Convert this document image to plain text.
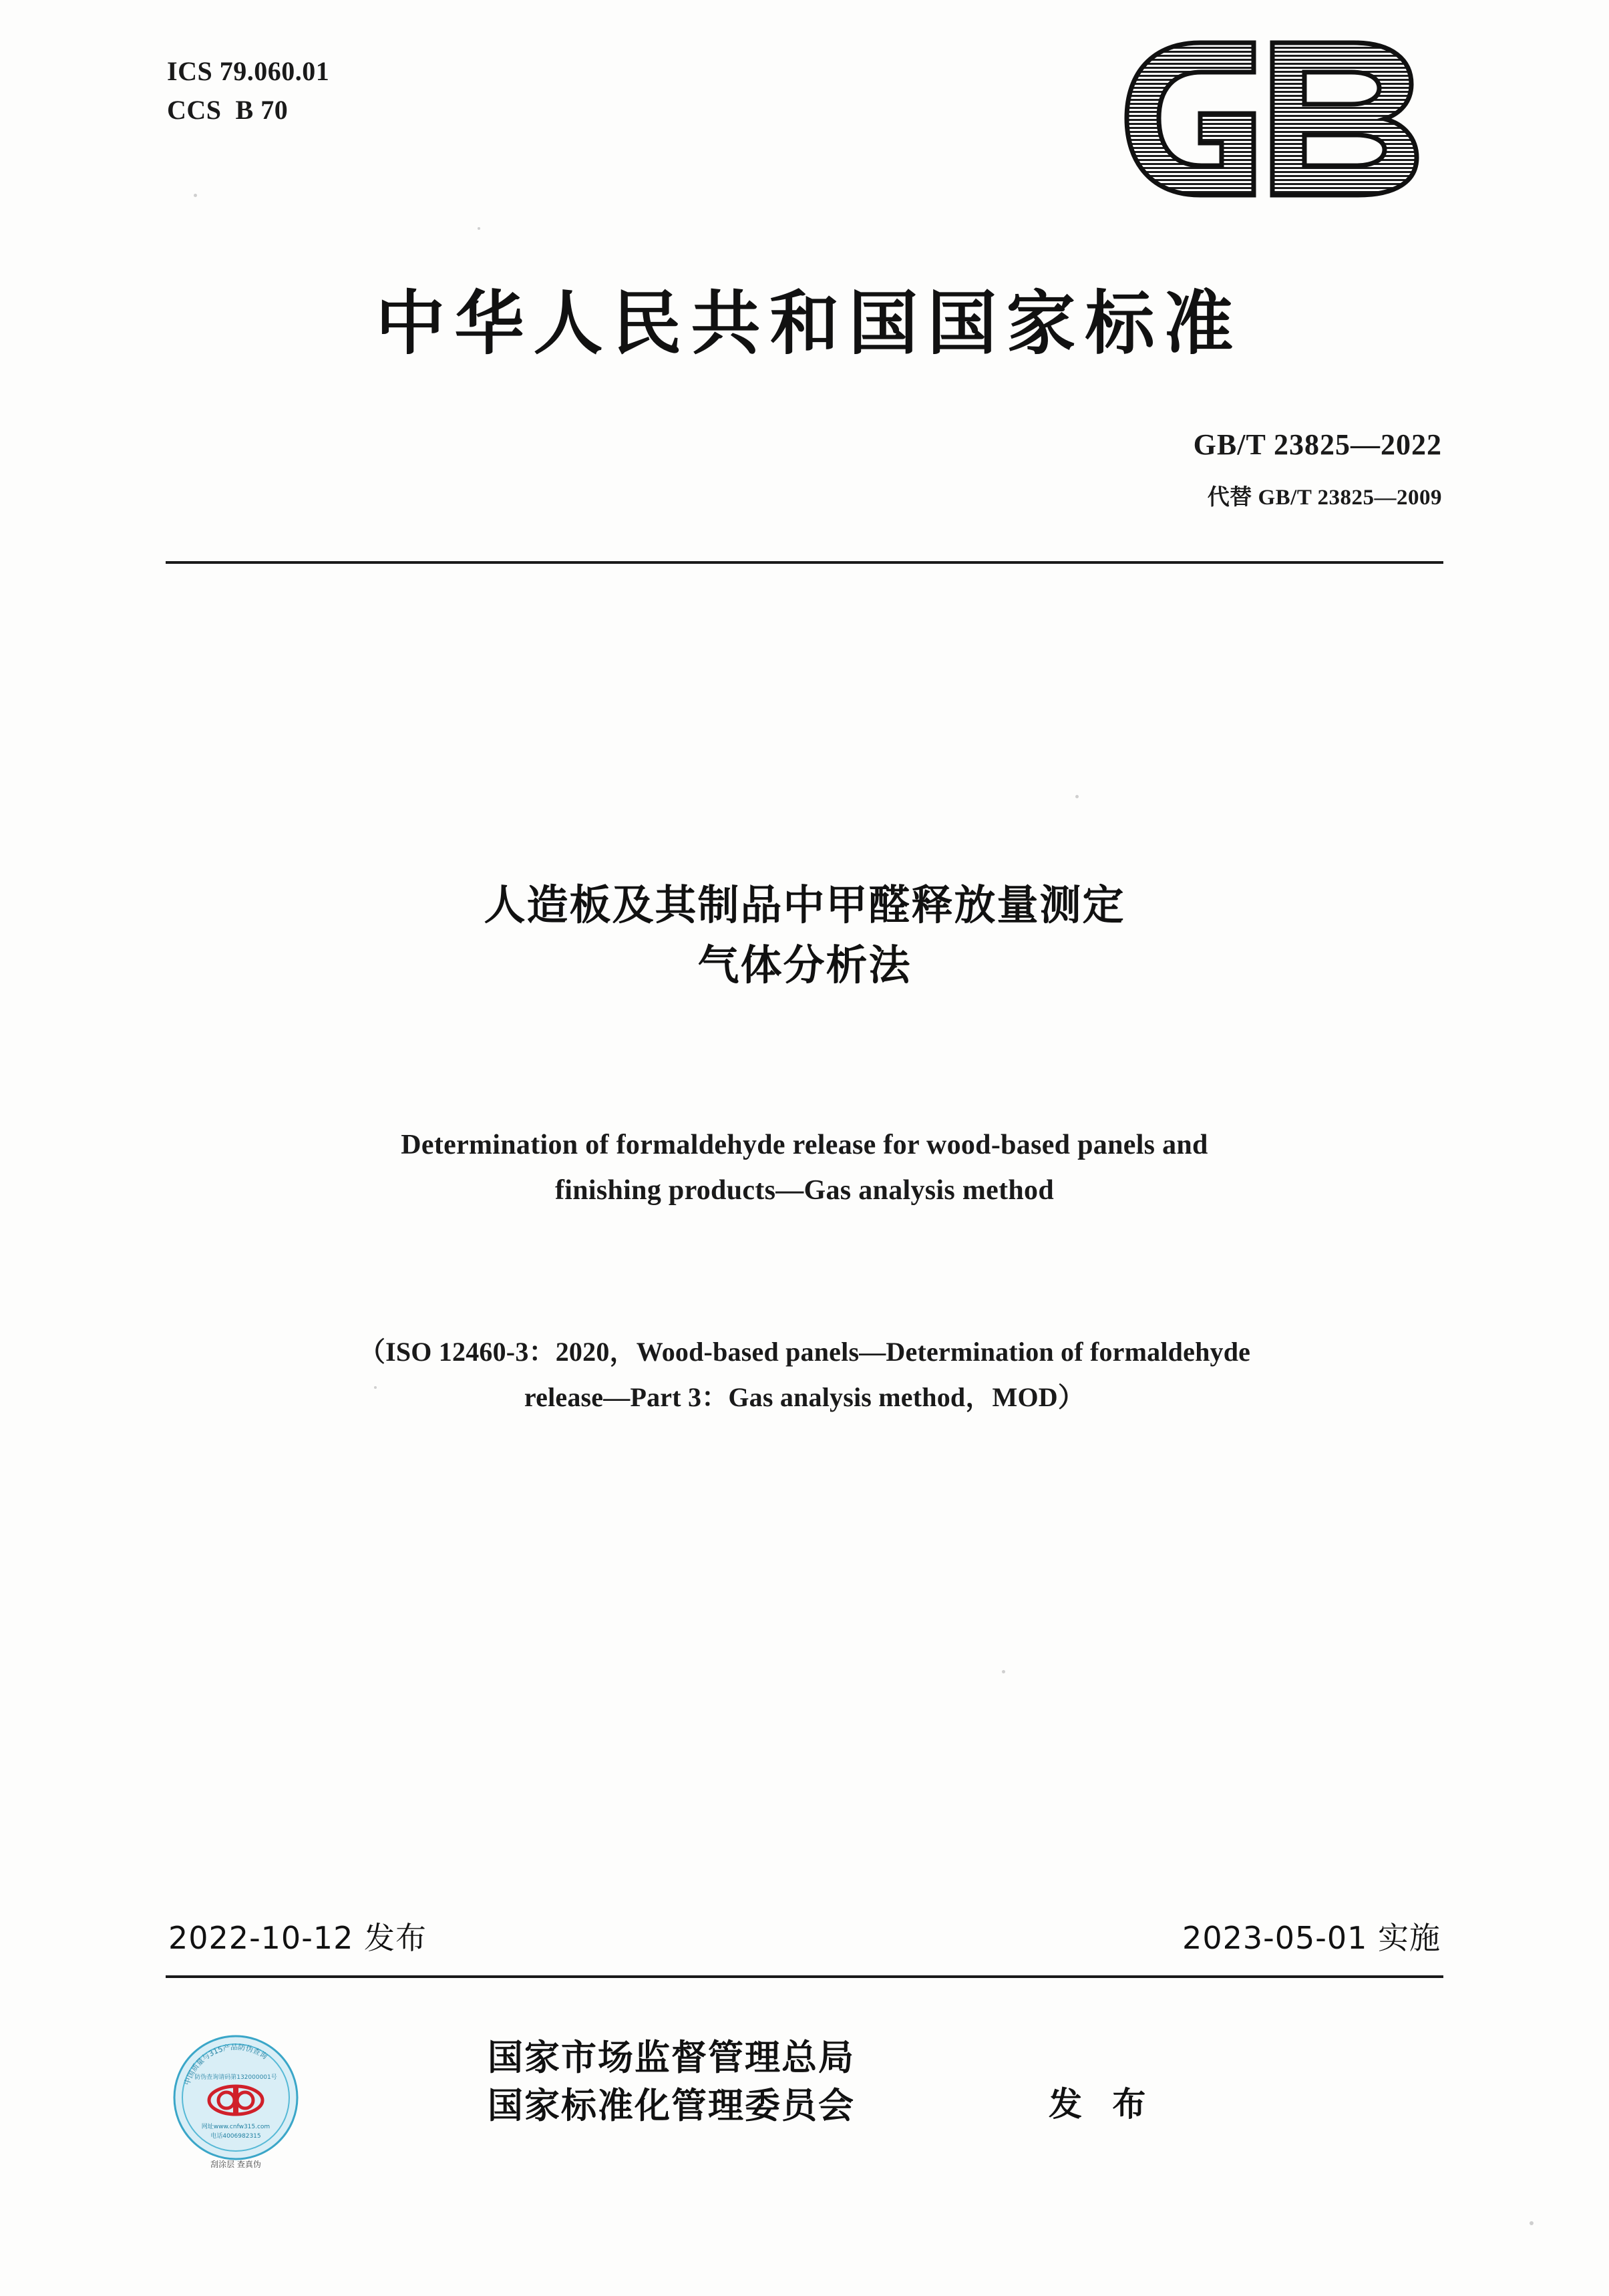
ICS 79.060.01
CCS  B 70
中华人民共和国国家标准
GB/T 23825—2022
代替 GB/T 23825—2009
人造板及其制品中甲醛释放量测定
气体分析法
Determination of formaldehyde release for wood-based panels and
finishing products—Gas analysis method
（ISO 12460-3：2020，Wood-based panels—Determination of formaldehyde
release—Part 3：Gas analysis method，MOD）
2022-10-12 发布	2023-05-01 实施
国家市场监督管理总局
国家标准化管理委员会	发 布
中国质量与315产品防伪查询
防伪查询请码第132000001号
网址www.cnfw315.com
电话4006982315
刮涂层 查真伪
